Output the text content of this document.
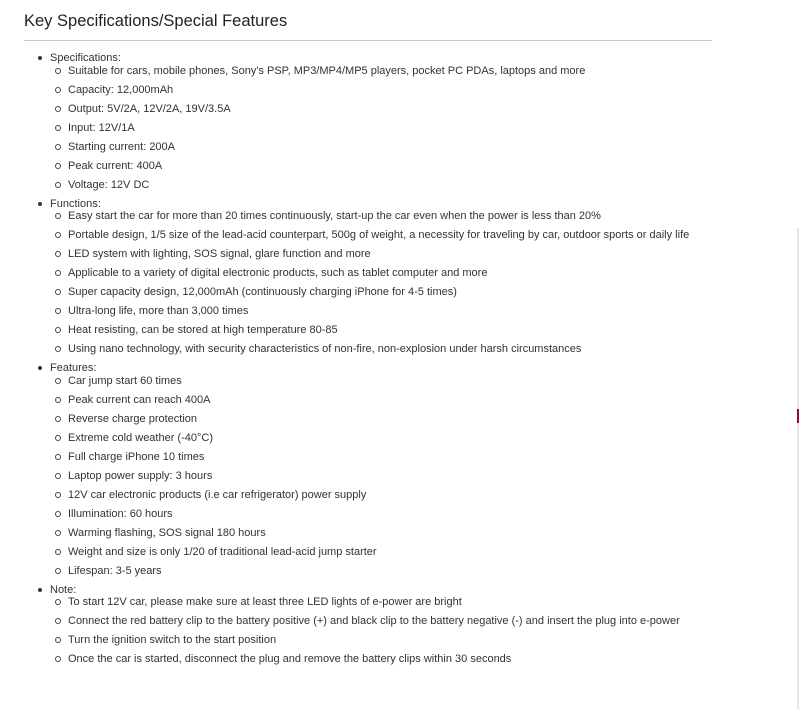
Key Specifications/Special Features
Specifications:
Suitable for cars, mobile phones, Sony's PSP, MP3/MP4/MP5 players, pocket PC PDAs, laptops and more
Capacity: 12,000mAh
Output: 5V/2A, 12V/2A, 19V/3.5A
Input: 12V/1A
Starting current: 200A
Peak current: 400A
Voltage: 12V DC
Functions:
Easy start the car for more than 20 times continuously, start-up the car even when the power is less than 20%
Portable design, 1/5 size of the lead-acid counterpart, 500g of weight, a necessity for traveling by car, outdoor sports or daily life
LED system with lighting, SOS signal, glare function and more
Applicable to a variety of digital electronic products, such as tablet computer and more
Super capacity design, 12,000mAh (continuously charging iPhone for 4-5 times)
Ultra-long life, more than 3,000 times
Heat resisting, can be stored at high temperature 80-85
Using nano technology, with security characteristics of non-fire, non-explosion under harsh circumstances
Features:
Car jump start 60 times
Peak current can reach 400A
Reverse charge protection
Extreme cold weather (-40°C)
Full charge iPhone 10 times
Laptop power supply: 3 hours
12V car electronic products (i.e car refrigerator) power supply
Illumination: 60 hours
Warming flashing, SOS signal 180 hours
Weight and size is only 1/20 of traditional lead-acid jump starter
Lifespan: 3-5 years
Note:
To start 12V car, please make sure at least three LED lights of e-power are bright
Connect the red battery clip to the battery positive (+) and black clip to the battery negative (-) and insert the plug into e-power
Turn the ignition switch to the start position
Once the car is started, disconnect the plug and remove the battery clips within 30 seconds
